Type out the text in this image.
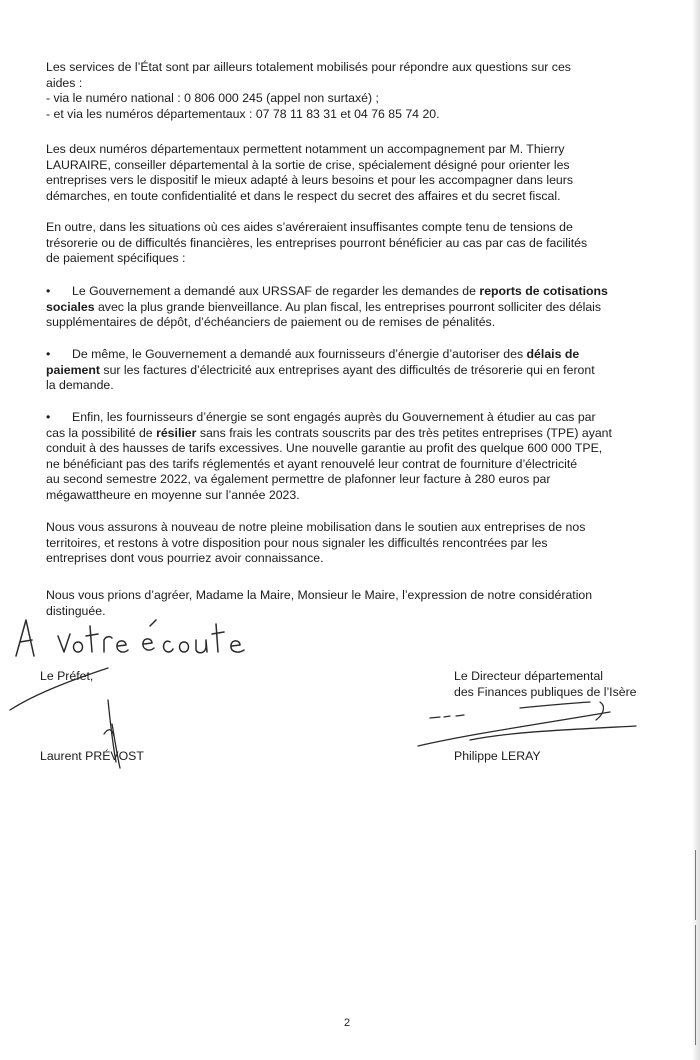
Les services de l’État sont par ailleurs totalement mobilisés pour répondre aux questions sur ces
aides :
- via le numéro national : 0 806 000 245 (appel non surtaxé) ;
- et via les numéros départementaux : 07 78 11 83 31 et 04 76 85 74 20.
Les deux numéros départementaux permettent notamment un accompagnement par M. Thierry
LAURAIRE, conseiller départemental à la sortie de crise, spécialement désigné pour orienter les
entreprises vers le dispositif le mieux adapté à leurs besoins et pour les accompagner dans leurs
démarches, en toute confidentialité et dans le respect du secret des affaires et du secret fiscal.
En outre, dans les situations où ces aides s’avéreraient insuffisantes compte tenu de tensions de
trésorerie ou de difficultés financières, les entreprises pourront bénéficier au cas par cas de facilités
de paiement spécifiques :
• Le Gouvernement a demandé aux URSSAF de regarder les demandes de reports de cotisations
sociales avec la plus grande bienveillance. Au plan fiscal, les entreprises pourront solliciter des délais
supplémentaires de dépôt, d’échéanciers de paiement ou de remises de pénalités.
• De même, le Gouvernement a demandé aux fournisseurs d’énergie d’autoriser des délais de
paiement sur les factures d’électricité aux entreprises ayant des difficultés de trésorerie qui en feront
la demande.
• Enfin, les fournisseurs d’énergie se sont engagés auprès du Gouvernement à étudier au cas par
cas la possibilité de résilier sans frais les contrats souscrits par des très petites entreprises (TPE) ayant
conduit à des hausses de tarifs excessives. Une nouvelle garantie au profit des quelque 600 000 TPE,
ne bénéficiant pas des tarifs réglementés et ayant renouvelé leur contrat de fourniture d’électricité
au second semestre 2022, va également permettre de plafonner leur facture à 280 euros par
mégawattheure en moyenne sur l’année 2023.
Nous vous assurons à nouveau de notre pleine mobilisation dans le soutien aux entreprises de nos
territoires, et restons à votre disposition pour nous signaler les difficultés rencontrées par les
entreprises dont vous pourriez avoir connaissance.
Nous vous prions d’agréer, Madame la Maire, Monsieur le Maire, l’expression de notre considération
distinguée.
Le Préfet,
Laurent PRÉVOST
Le Directeur départemental
des Finances publiques de l’Isère
Philippe LERAY
2
